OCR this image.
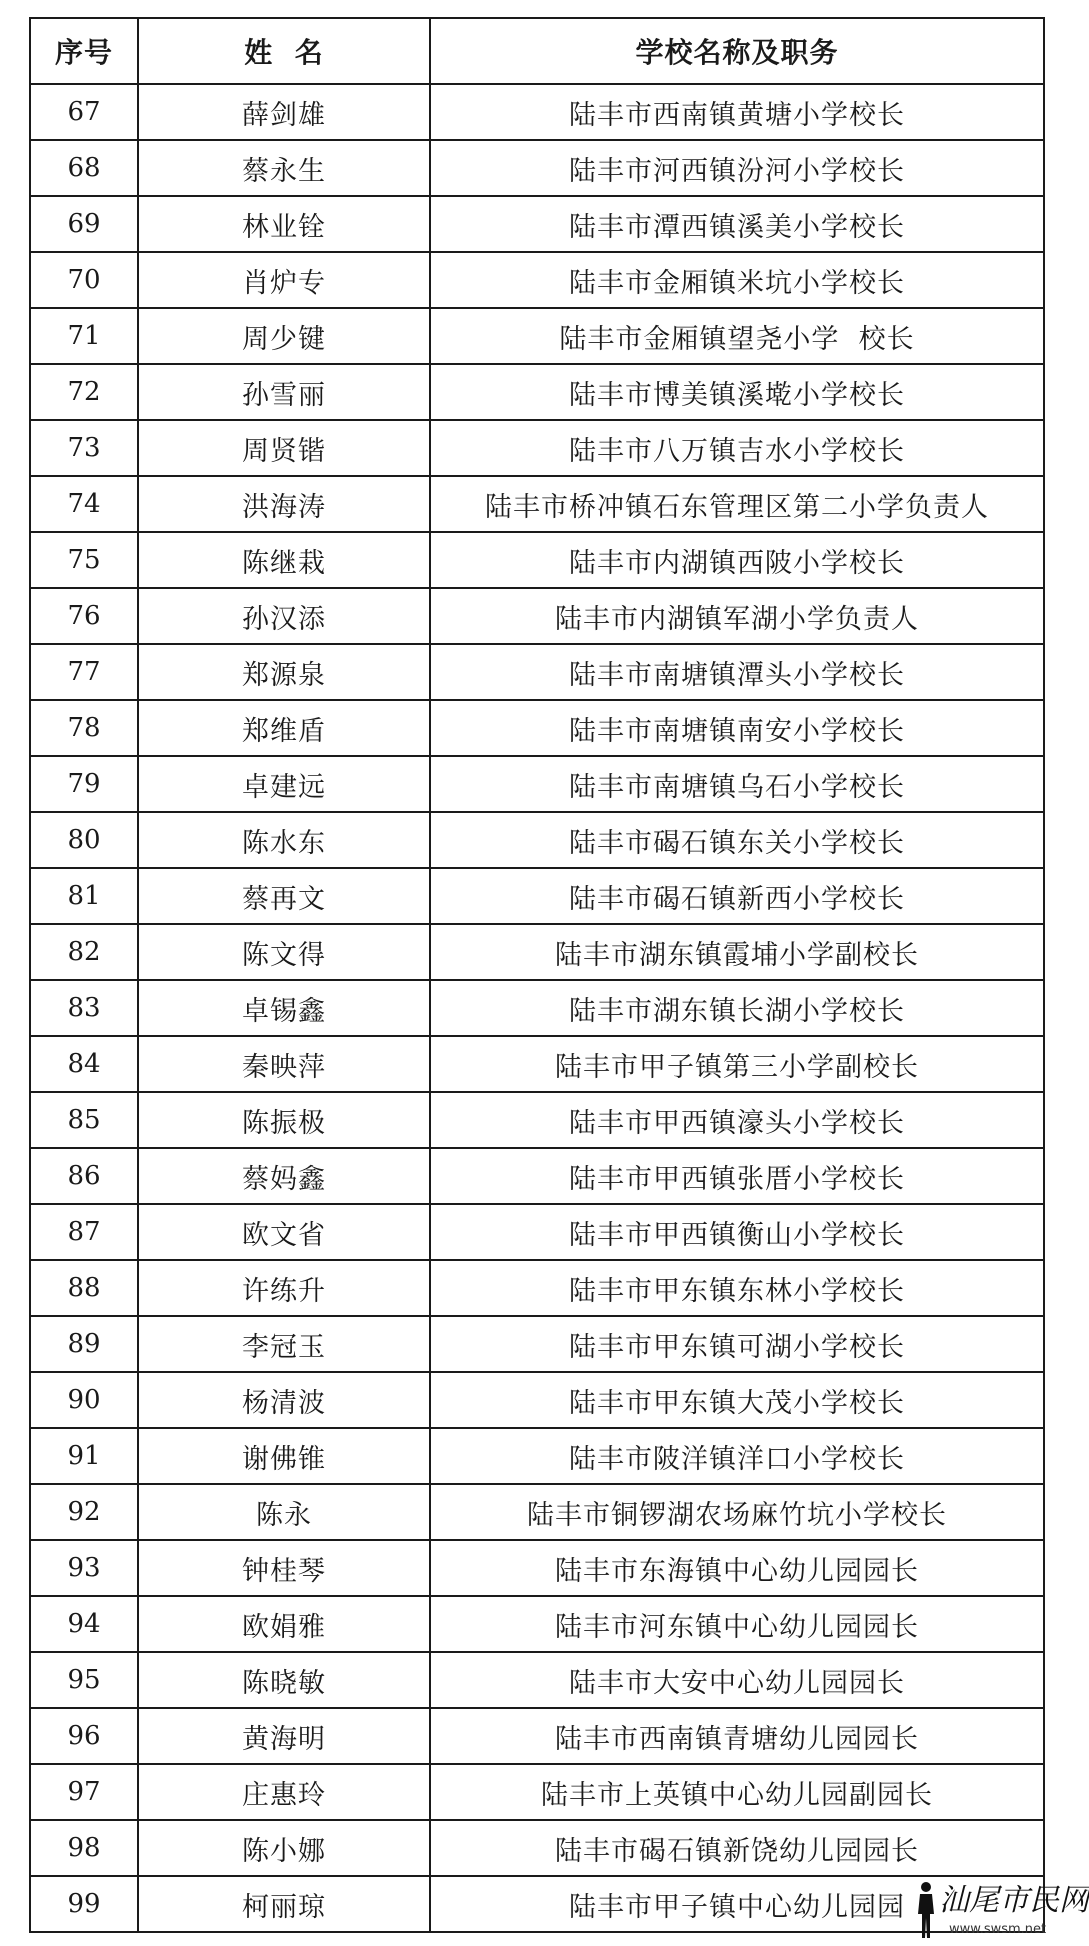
序号	姓  名	学校名称及职务
67	薛剑雄	陆丰市西南镇黄塘小学校长
68	蔡永生	陆丰市河西镇汾河小学校长
69	林业铨	陆丰市潭西镇溪美小学校长
70	肖炉专	陆丰市金厢镇米坑小学校长
71	周少键	陆丰市金厢镇望尧小学  校长
72	孙雪丽	陆丰市博美镇溪墘小学校长
73	周贤锴	陆丰市八万镇吉水小学校长
74	洪海涛	陆丰市桥冲镇石东管理区第二小学负责人
75	陈继栽	陆丰市内湖镇西陂小学校长
76	孙汉添	陆丰市内湖镇军湖小学负责人
77	郑源泉	陆丰市南塘镇潭头小学校长
78	郑维盾	陆丰市南塘镇南安小学校长
79	卓建远	陆丰市南塘镇乌石小学校长
80	陈水东	陆丰市碣石镇东关小学校长
81	蔡再文	陆丰市碣石镇新西小学校长
82	陈文得	陆丰市湖东镇霞埔小学副校长
83	卓锡鑫	陆丰市湖东镇长湖小学校长
84	秦映萍	陆丰市甲子镇第三小学副校长
85	陈振极	陆丰市甲西镇濠头小学校长
86	蔡妈鑫	陆丰市甲西镇张厝小学校长
87	欧文省	陆丰市甲西镇衡山小学校长
88	许练升	陆丰市甲东镇东林小学校长
89	李冠玉	陆丰市甲东镇可湖小学校长
90	杨清波	陆丰市甲东镇大茂小学校长
91	谢佛锥	陆丰市陂洋镇洋口小学校长
92	陈永	陆丰市铜锣湖农场麻竹坑小学校长
93	钟桂琴	陆丰市东海镇中心幼儿园园长
94	欧娟雅	陆丰市河东镇中心幼儿园园长
95	陈晓敏	陆丰市大安中心幼儿园园长
96	黄海明	陆丰市西南镇青塘幼儿园园长
97	庄惠玲	陆丰市上英镇中心幼儿园副园长
98	陈小娜	陆丰市碣石镇新饶幼儿园园长
99	柯丽琼	陆丰市甲子镇中心幼儿园园 汕尾市民网
www.swsm.net
